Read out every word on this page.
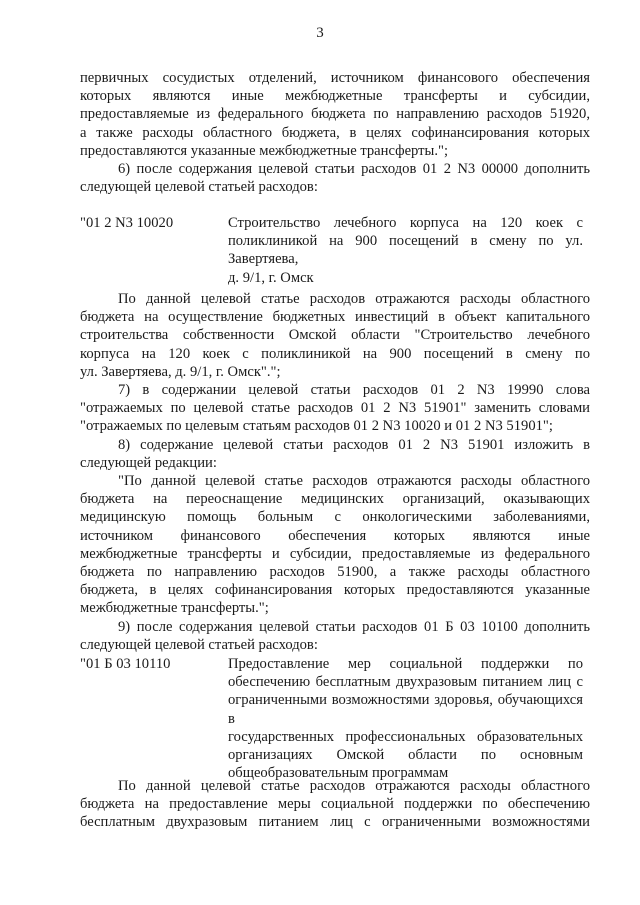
3
первичных сосудистых отделений, источником финансового обеспечения
которых являются иные межбюджетные трансферты и субсидии,
предоставляемые из федерального бюджета по направлению расходов 51920,
а также расходы областного бюджета, в целях софинансирования которых
предоставляются указанные межбюджетные трансферты.";
6) после содержания целевой статьи расходов 01 2 N3 00000 дополнить
следующей целевой статьей расходов:
"01 2 N3 10020	Строительство лечебного корпуса на 120 коек с
поликлиникой на 900 посещений в смену по ул. Завертяева,
д. 9/1, г. Омск
По данной целевой статье расходов отражаются расходы областного
бюджета на осуществление бюджетных инвестиций в объект капитального
строительства собственности Омской области "Строительство лечебного
корпуса на 120 коек с поликлиникой на 900 посещений в смену по
ул. Завертяева, д. 9/1, г. Омск".";
7) в содержании целевой статьи расходов 01 2 N3 19990 слова
"отражаемых по целевой статье расходов 01 2 N3 51901" заменить словами
"отражаемых по целевым статьям расходов 01 2 N3 10020 и 01 2 N3 51901";
8) содержание целевой статьи расходов 01 2 N3 51901 изложить в
следующей редакции:
"По данной целевой статье расходов отражаются расходы областного
бюджета на переоснащение медицинских организаций, оказывающих
медицинскую помощь больным с онкологическими заболеваниями,
источником финансового обеспечения которых являются иные
межбюджетные трансферты и субсидии, предоставляемые из федерального
бюджета по направлению расходов 51900, а также расходы областного
бюджета, в целях софинансирования которых предоставляются указанные
межбюджетные трансферты.";
9) после содержания целевой статьи расходов 01 Б 03 10100 дополнить
следующей целевой статьей расходов:
"01 Б 03 10110	Предоставление мер социальной поддержки по
обеспечению бесплатным двухразовым питанием лиц с
ограниченными возможностями здоровья, обучающихся в
государственных профессиональных образовательных
организациях Омской области по основным
общеобразовательным программам
По данной целевой статье расходов отражаются расходы областного
бюджета на предоставление меры социальной поддержки по обеспечению
бесплатным двухразовым питанием лиц с ограниченными возможностями
